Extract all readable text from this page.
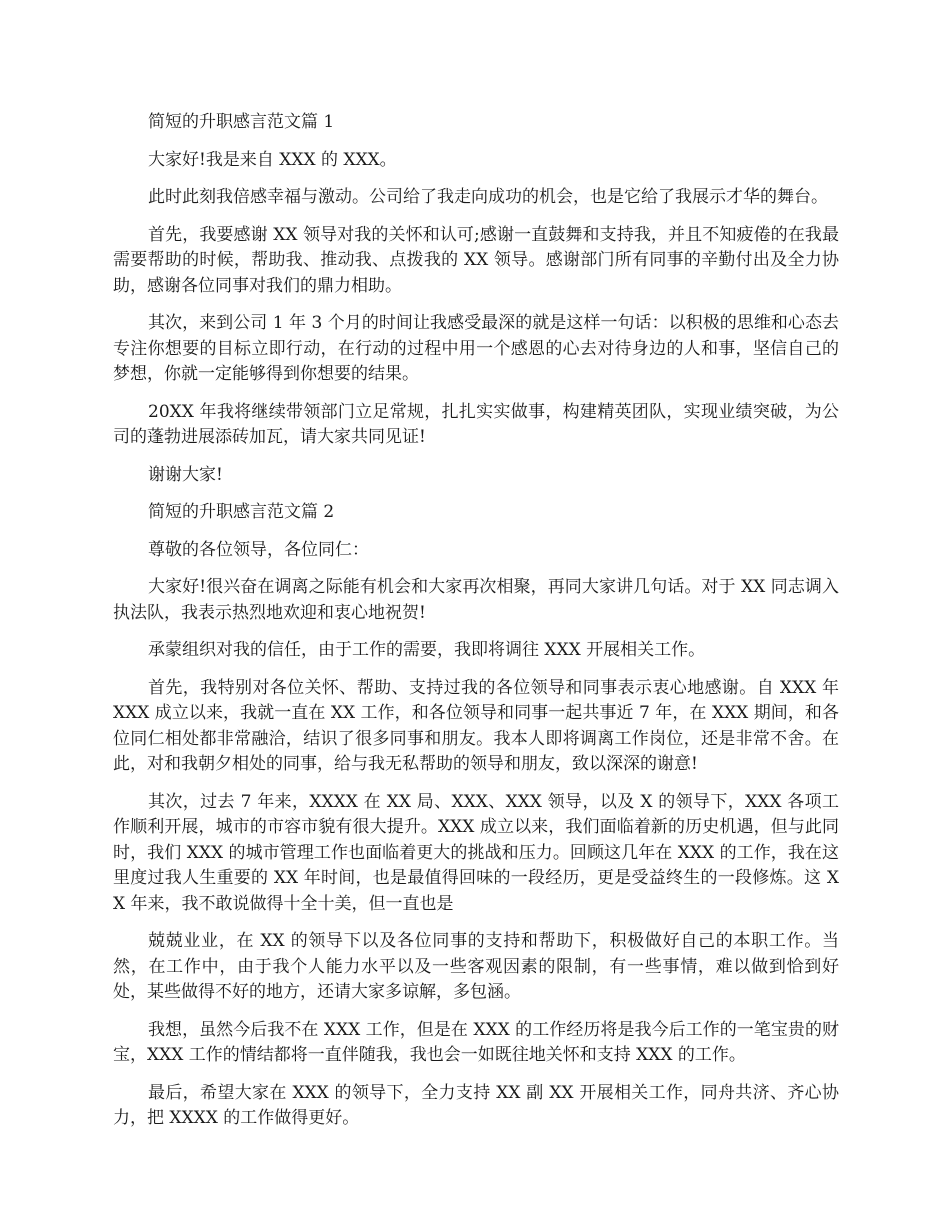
简短的升职感言范文篇 1

大家好!我是来自 XXX 的 XXX。

此时此刻我倍感幸福与激动。公司给了我走向成功的机会，也是它给了我展示才华的舞台。

首先，我要感谢 XX 领导对我的关怀和认可;感谢一直鼓舞和支持我，并且不知疲倦的在我最需要帮助的时候，帮助我、推动我、点拨我的 XX 领导。感谢部门所有同事的辛勤付出及全力协助，感谢各位同事对我们的鼎力相助。

其次，来到公司 1 年 3 个月的时间让我感受最深的就是这样一句话：以积极的思维和心态去专注你想要的目标立即行动，在行动的过程中用一个感恩的心去对待身边的人和事，坚信自己的梦想，你就一定能够得到你想要的结果。

20XX 年我将继续带领部门立足常规，扎扎实实做事，构建精英团队，实现业绩突破，为公司的蓬勃进展添砖加瓦，请大家共同见证!

谢谢大家!

简短的升职感言范文篇 2

尊敬的各位领导，各位同仁：

大家好!很兴奋在调离之际能有机会和大家再次相聚，再同大家讲几句话。对于 XX 同志调入执法队，我表示热烈地欢迎和衷心地祝贺!

承蒙组织对我的信任，由于工作的需要，我即将调往 XXX 开展相关工作。

首先，我特别对各位关怀、帮助、支持过我的各位领导和同事表示衷心地感谢。自 XXX 年 XXX 成立以来，我就一直在 XX 工作，和各位领导和同事一起共事近 7 年，在 XXX 期间，和各位同仁相处都非常融洽，结识了很多同事和朋友。我本人即将调离工作岗位，还是非常不舍。在此，对和我朝夕相处的同事，给与我无私帮助的领导和朋友，致以深深的谢意!

其次，过去 7 年来，XXXX 在 XX 局、XXX、XXX 领导，以及 X 的领导下，XXX 各项工作顺利开展，城市的市容市貌有很大提升。XXX 成立以来，我们面临着新的历史机遇，但与此同时，我们 XXX 的城市管理工作也面临着更大的挑战和压力。回顾这几年在 XXX 的工作，我在这里度过我人生重要的 XX 年时间，也是最值得回味的一段经历，更是受益终生的一段修炼。这 XX 年来，我不敢说做得十全十美，但一直也是

兢兢业业，在 XX 的领导下以及各位同事的支持和帮助下，积极做好自己的本职工作。当然，在工作中，由于我个人能力水平以及一些客观因素的限制，有一些事情，难以做到恰到好处，某些做得不好的地方，还请大家多谅解，多包涵。

我想，虽然今后我不在 XXX 工作，但是在 XXX 的工作经历将是我今后工作的一笔宝贵的财宝，XXX 工作的情结都将一直伴随我，我也会一如既往地关怀和支持 XXX 的工作。

最后，希望大家在 XXX 的领导下，全力支持 XX 副 XX 开展相关工作，同舟共济、齐心协力，把 XXXX 的工作做得更好。
